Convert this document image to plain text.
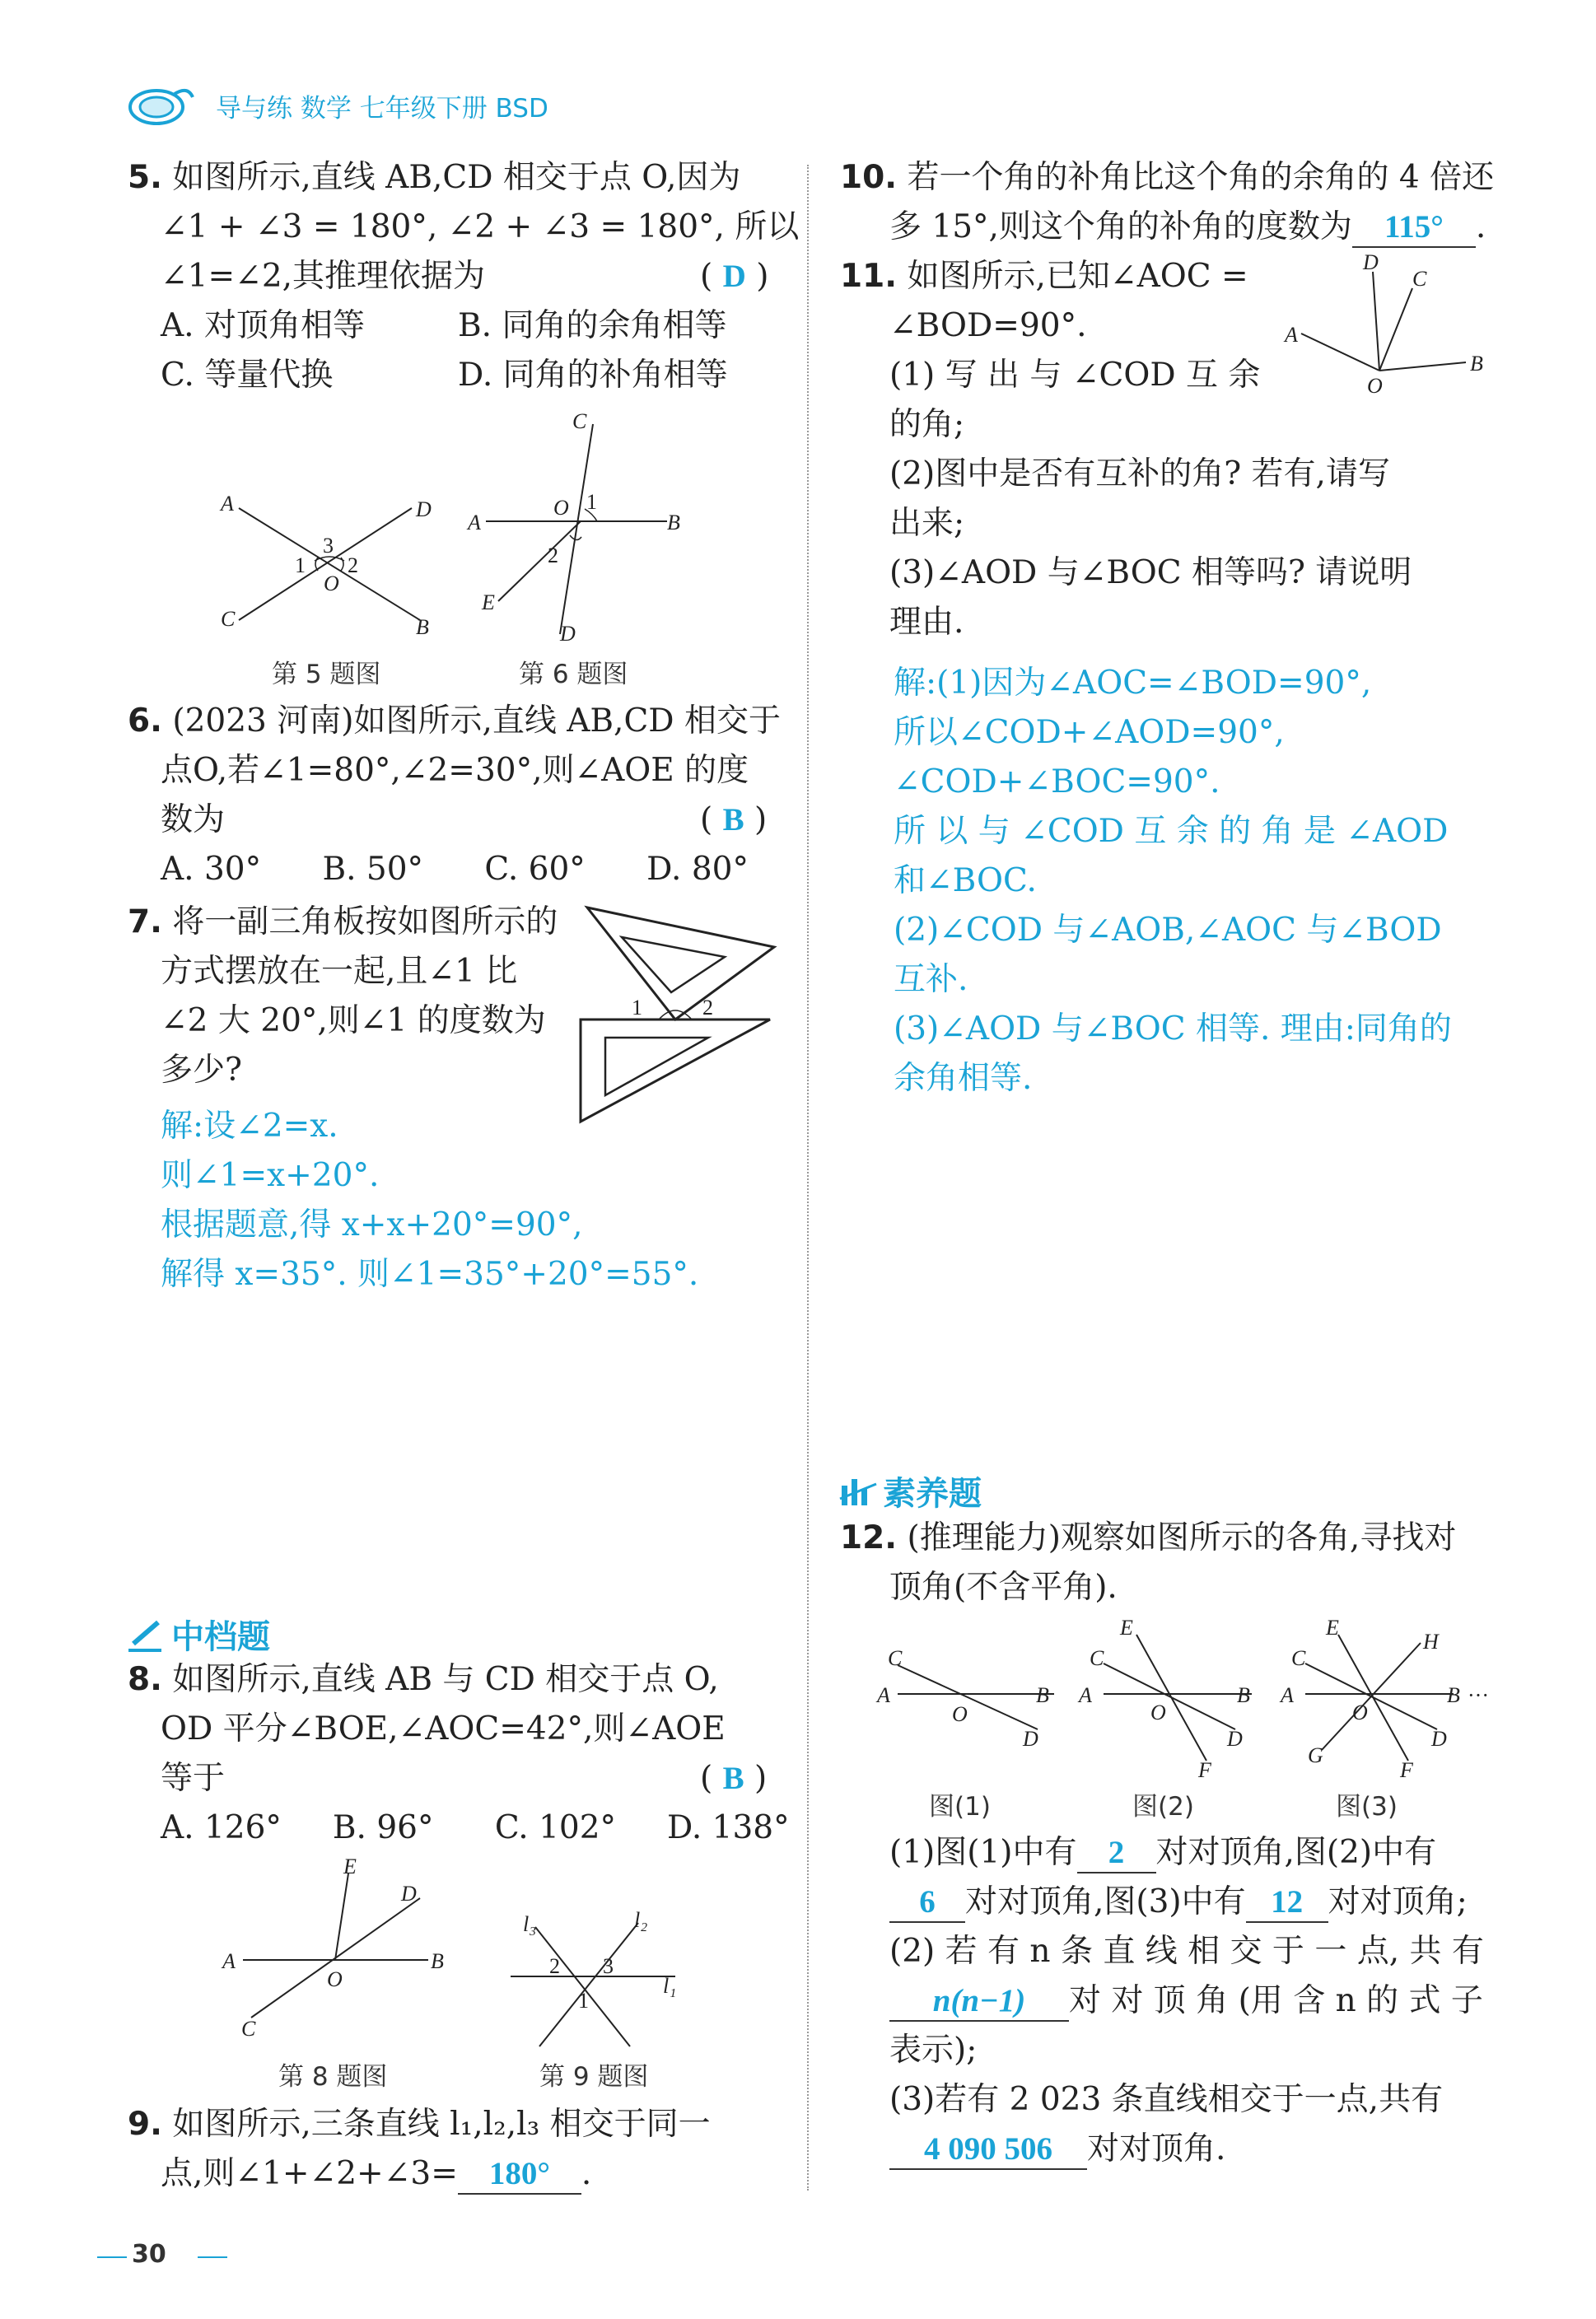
导与练 数学 七年级下册 BSD
5. 如图所示,直线 AB,CD 相交于点 O,因为
∠1 + ∠3 = 180°, ∠2 + ∠3 = 180°, 所以
∠1=∠2,其推理依据为	( D )
A. 对顶角相等	B. 同角的余角相等
C. 等量代换	D. 同角的补角相等
A	D
C	B
O
3
1 2
第 5 题图
C
A	B
O 1
2
E
D
第 6 题图
6. (2023 河南)如图所示,直线 AB,CD 相交于
点O,若∠1=80°,∠2=30°,则∠AOE 的度
数为	( B )
A. 30°      B. 50°      C. 60°      D. 80°
7. 将一副三角板按如图所示的
方式摆放在一起,且∠1 比
∠2 大 20°,则∠1 的度数为
多少?
1	2
解:设∠2=x.
则∠1=x+20°.
根据题意,得 x+x+20°=90°,
解得 x=35°. 则∠1=35°+20°=55°.
中档题
8. 如图所示,直线 AB 与 CD 相交于点 O,
OD 平分∠BOE,∠AOC=42°,则∠AOE
等于	( B )
A. 126°     B. 96°      C. 102°     D. 138°
E
D
A	B
O
C
第 8 题图
l₃	l₂
l₁
2 3
1
第 9 题图
9. 如图所示,三条直线 l₁,l₂,l₃ 相交于同一
点,则∠1+∠2+∠3= 180° .
30
10. 若一个角的补角比这个角的余角的 4 倍还
多 15°,则这个角的补角的度数为 115° .
11. 如图所示,已知∠AOC =
∠BOD=90°.
(1) 写 出 与 ∠COD 互 余
的角;
(2)图中是否有互补的角? 若有,请写
出来;
(3)∠AOD 与∠BOC 相等吗? 请说明
理由.
D
C
A
B
O
解:(1)因为∠AOC=∠BOD=90°,
所以∠COD+∠AOD=90°,
∠COD+∠BOC=90°.
所 以 与 ∠COD 互 余 的 角 是 ∠AOD
和∠BOC.
(2)∠COD 与∠AOB,∠AOC 与∠BOD
互补.
(3)∠AOD 与∠BOC 相等. 理由:同角的
余角相等.
素养题
12. (推理能力)观察如图所示的各角,寻找对
顶角(不含平角).
C
A	B
O
D
图(1)
E
C
A	B
O
D
F
图(2)
E
H
C
A	B
O
D
G
F
···
图(3)
(1)图(1)中有 2 对对顶角,图(2)中有
6 对对顶角,图(3)中有 12 对对顶角;
(2) 若 有 n 条 直 线 相 交 于 一 点, 共 有
n(n−1) 对 对 顶 角 (用 含 n 的 式 子
表示);
(3)若有 2 023 条直线相交于一点,共有
4 090 506 对对顶角.
